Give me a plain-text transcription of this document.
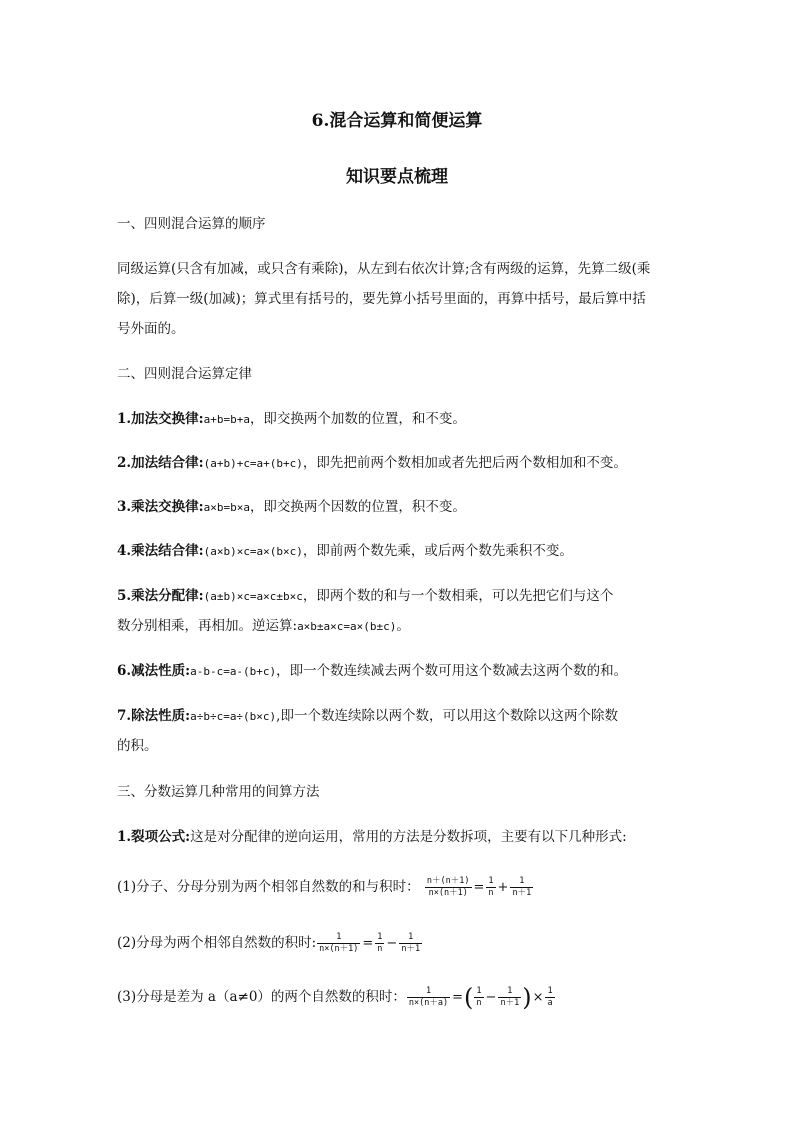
6.混合运算和简便运算
知识要点梳理
一、四则混合运算的顺序
同级运算(只含有加减，或只含有乘除)，从左到右依次计算;含有两级的运算，先算二级(乘
除)，后算一级(加减)；算式里有括号的，要先算小括号里面的，再算中括号，最后算中括
号外面的。
二、四则混合运算定律
1.加法交换律:a+b=b+a，即交换两个加数的位置，和不变。
2.加法结合律:(a+b)+c=a+(b+c)，即先把前两个数相加或者先把后两个数相加和不变。
3.乘法交换律:a×b=b×a，即交换两个因数的位置，积不变。
4.乘法结合律:(a×b)×c=a×(b×c)，即前两个数先乘，或后两个数先乘积不变。
5.乘法分配律:(a±b)×c=a×c±b×c，即两个数的和与一个数相乘，可以先把它们与这个
数分别相乘，再相加。逆运算:a×b±a×c=a×(b±c)。
6.减法性质:a-b-c=a-(b+c)，即一个数连续减去两个数可用这个数减去这两个数的和。
7.除法性质:a÷b÷c=a÷(b×c),即一个数连续除以两个数，可以用这个数除以这两个除数
的积。
三、分数运算几种常用的间算方法
1.裂项公式:这是对分配律的逆向运用，常用的方法是分数拆项，主要有以下几种形式:
(1)分子、分母分别为两个相邻自然数的和与积时： $\frac{n+(n+1)}{n\times(n+1)} = \frac{1}{n} + \frac{1}{n+1}$
(2)分母为两个相邻自然数的积时: $\frac{1}{n\times(n+1)} = \frac{1}{n} - \frac{1}{n+1}$
(3)分母是差为 a（a≠0）的两个自然数的积时： $\frac{1}{n\times(n+a)}$ =( $\frac{1}{n} - \frac{1}{n+1}$ )× $\frac{1}{a}$
